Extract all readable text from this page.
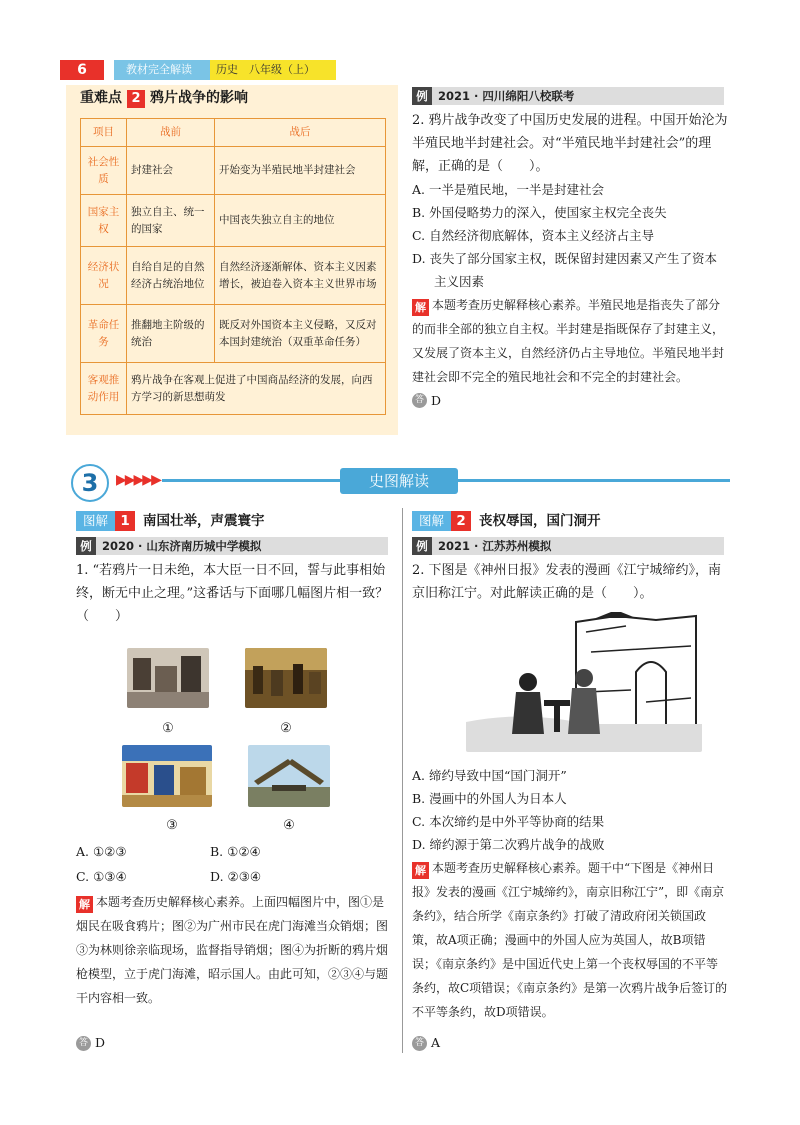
6	教材完全解读 历史　八年级（上）
重难点 2 鸦片战争的影响
项目	战前	战后
社会性质	封建社会	开始变为半殖民地半封建社会
国家主权	独立自主、统一的国家	中国丧失独立自主的地位
经济状况	自给自足的自然经济占统治地位	自然经济逐渐解体、资本主义因素增长，被迫卷入资本主义世界市场
革命任务	推翻地主阶级的统治	既反对外国资本主义侵略，又反对本国封建统治（双重革命任务）
客观推动作用	鸦片战争在客观上促进了中国商品经济的发展，向西方学习的新思想萌发	
例 2021 · 四川绵阳八校联考

2. 鸦片战争改变了中国历史发展的进程。中国开始沦为半殖民地半封建社会。对“半殖民地半封建社会”的理解，正确的是（　　）。

A. 一半是殖民地，一半是封建社会

B. 外国侵略势力的深入，使国家主权完全丧失

C. 自然经济彻底解体，资本主义经济占主导

D. 丧失了部分国家主权，既保留封建因素又产生了资本

主义因素

解 本题考查历史解释核心素养。半殖民地是指丧失了部分的而非全部的独立自主权。半封建是指既保存了封建主义，又发展了资本主义，自然经济仍占主导地位。半殖民地半封建社会即不完全的殖民地社会和不完全的封建社会。

答 D

3	▶▶▶▶▶	史图解读
图解 1 南国壮举，声震寰宇
例 2020 · 山东济南历城中学模拟

1. “若鸦片一日未绝，本大臣一日不回，誓与此事相始终，断无中止之理。”这番话与下面哪几幅图片相一致？（　　）

①	②
③	④
A. ①②③	B. ①②④
C. ①③④	D. ②③④

解 本题考查历史解释核心素养。上面四幅图片中，图①是烟民在吸食鸦片；图②为广州市民在虎门海滩当众销烟；图③为林则徐亲临现场，监督指导销烟；图④为折断的鸦片烟枪模型，立于虎门海滩，昭示国人。由此可知，②③④与题干内容相一致。

答 D
图解 2 丧权辱国，国门洞开
例 2021 · 江苏苏州模拟

2. 下图是《神州日报》发表的漫画《江宁城缔约》，南京旧称江宁。对此解读正确的是（　　）。

A. 缔约导致中国“国门洞开”

B. 漫画中的外国人为日本人

C. 本次缔约是中外平等协商的结果

D. 缔约源于第二次鸦片战争的战败

解 本题考查历史解释核心素养。题干中“下图是《神州日报》发表的漫画《江宁城缔约》，南京旧称江宁”，即《南京条约》，结合所学《南京条约》打破了清政府闭关锁国政策，故A项正确；漫画中的外国人应为英国人，故B项错误；《南京条约》是中国近代史上第一个丧权辱国的不平等条约，故C项错误；《南京条约》是第一次鸦片战争后签订的不平等条约，故D项错误。

答 A
